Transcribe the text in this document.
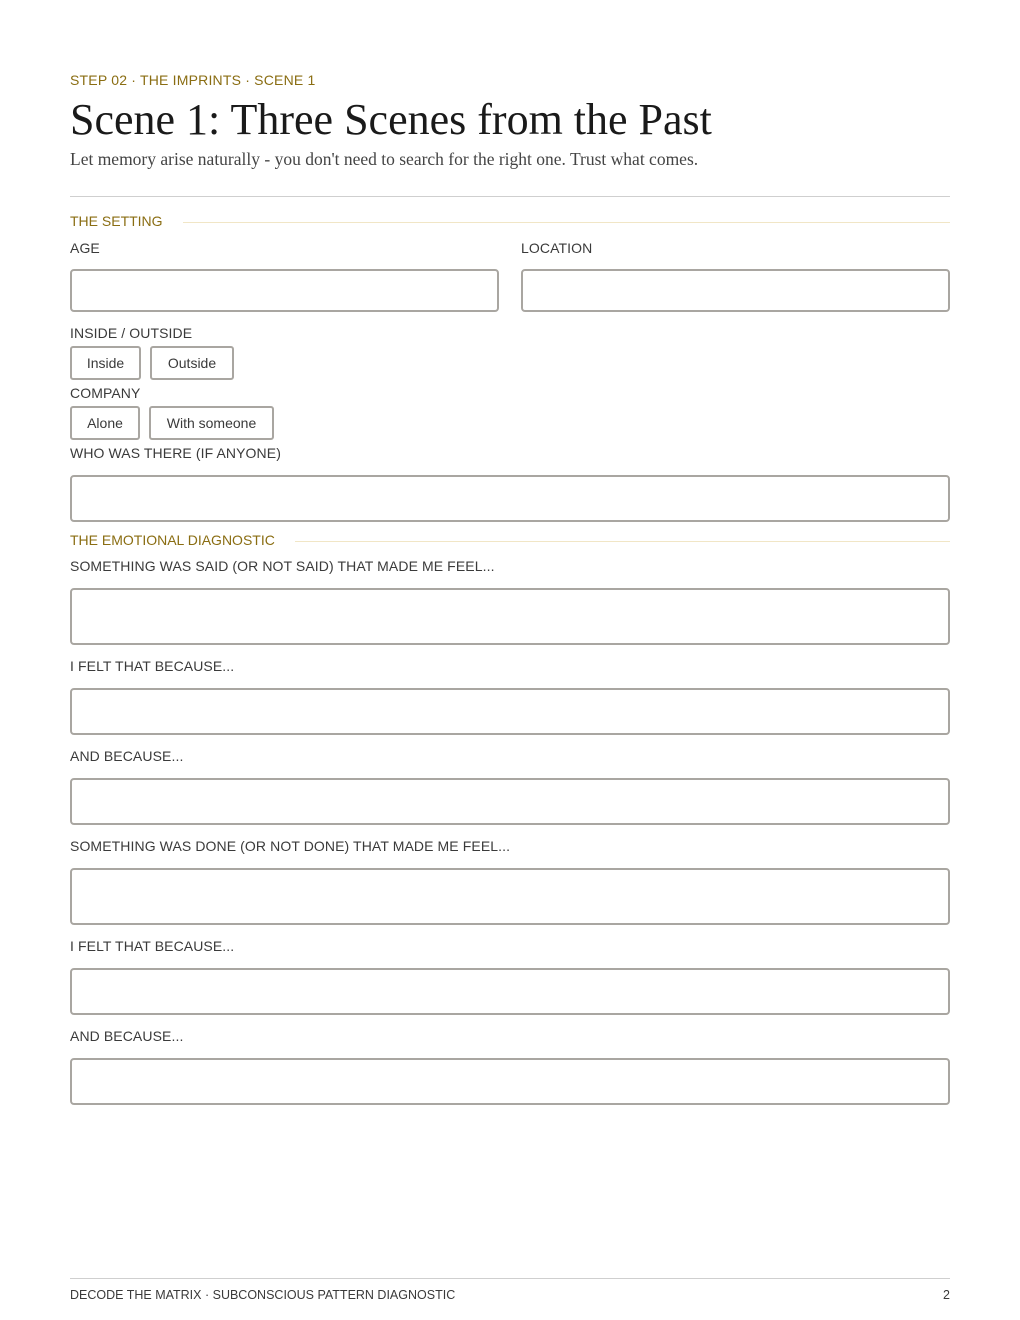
STEP 02 · THE IMPRINTS · SCENE 1
Scene 1: Three Scenes from the Past
Let memory arise naturally - you don't need to search for the right one. Trust what comes.
THE SETTING
AGE	LOCATION
INSIDE / OUTSIDE
Inside	Outside
COMPANY
Alone	With someone
WHO WAS THERE (IF ANYONE)
THE EMOTIONAL DIAGNOSTIC
SOMETHING WAS SAID (OR NOT SAID) THAT MADE ME FEEL...
I FELT THAT BECAUSE...
AND BECAUSE...
SOMETHING WAS DONE (OR NOT DONE) THAT MADE ME FEEL...
I FELT THAT BECAUSE...
AND BECAUSE...
DECODE THE MATRIX · SUBCONSCIOUS PATTERN DIAGNOSTIC	2
